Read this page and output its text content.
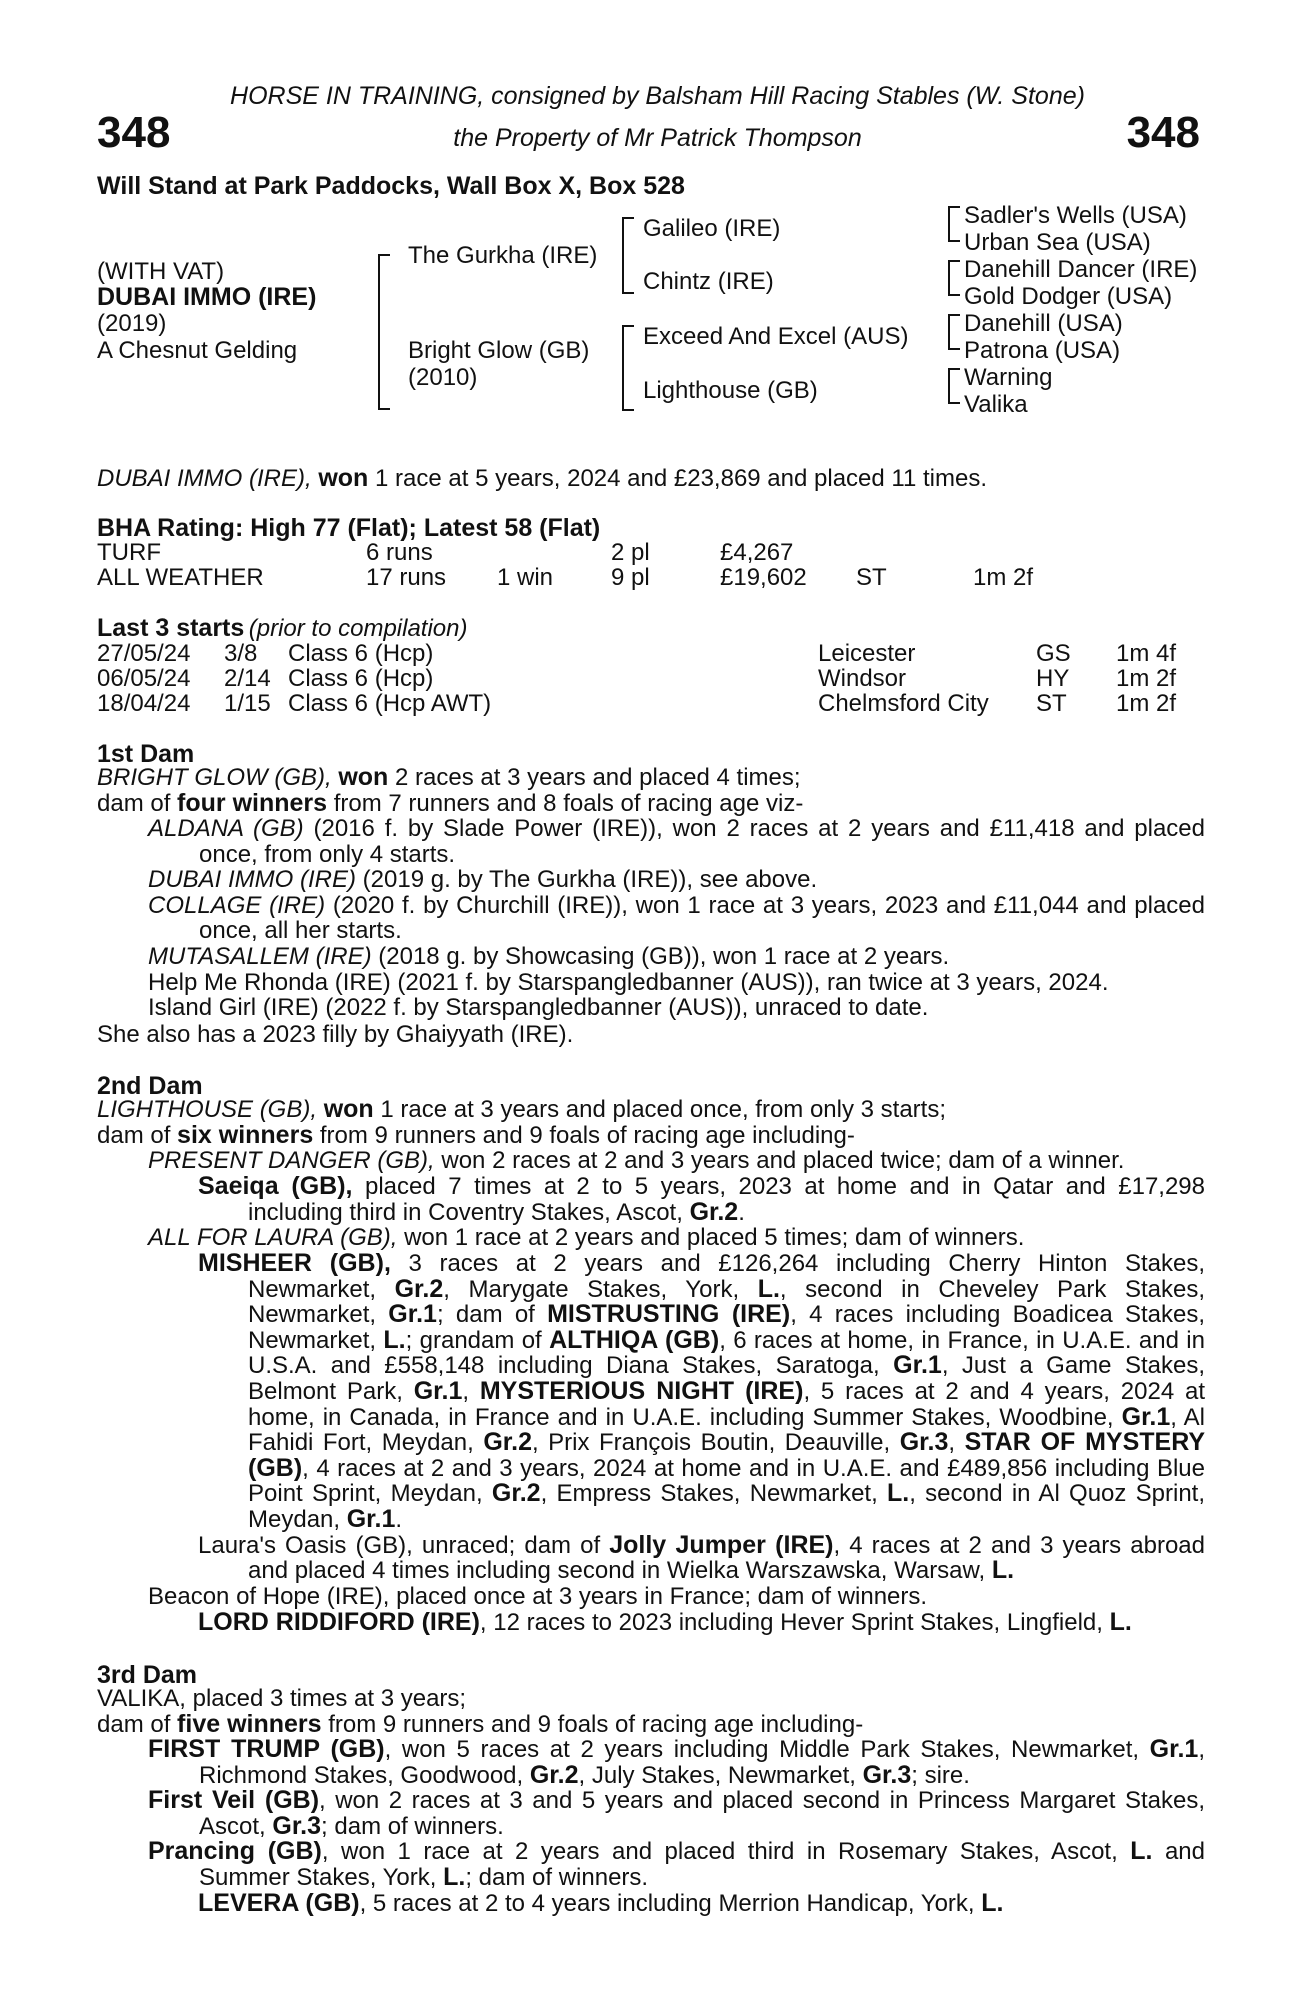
HORSE IN TRAINING, consigned by Balsham Hill Racing Stables (W. Stone)
the Property of Mr Patrick Thompson
348	348
Will Stand at Park Paddocks, Wall Box X, Box 528
(WITH VAT)
DUBAI IMMO (IRE)
(2019)
A Chesnut Gelding
The Gurkha (IRE)
Bright Glow (GB)
(2010)
Galileo (IRE)
Chintz (IRE)
Exceed And Excel (AUS)
Lighthouse (GB)
Sadler's Wells (USA)
Urban Sea (USA)
Danehill Dancer (IRE)
Gold Dodger (USA)
Danehill (USA)
Patrona (USA)
Warning
Valika
DUBAI IMMO (IRE), won 1 race at 5 years, 2024 and £23,869 and placed 11 times.
BHA Rating: High 77 (Flat); Latest 58 (Flat)
TURF	6 runs	2 pl	£4,267
ALL WEATHER	17 runs 1 win 9 pl	£19,602 ST	1m 2f
Last 3 starts (prior to compilation)
27/05/24 3/8 Class 6 (Hcp)	Leicester	GS 1m 4f
06/05/24 2/14 Class 6 (Hcp)	Windsor	HY 1m 2f
18/04/24 1/15 Class 6 (Hcp AWT)	Chelmsford City ST 1m 2f
1st Dam
BRIGHT GLOW (GB), won 2 races at 3 years and placed 4 times;
dam of four winners from 7 runners and 8 foals of racing age viz-
ALDANA (GB) (2016 f. by Slade Power (IRE)), won 2 races at 2 years and £11,418 and placed once, from only 4 starts.
DUBAI IMMO (IRE) (2019 g. by The Gurkha (IRE)), see above.
COLLAGE (IRE) (2020 f. by Churchill (IRE)), won 1 race at 3 years, 2023 and £11,044 and placed once, all her starts.
MUTASALLEM (IRE) (2018 g. by Showcasing (GB)), won 1 race at 2 years.
Help Me Rhonda (IRE) (2021 f. by Starspangledbanner (AUS)), ran twice at 3 years, 2024.
Island Girl (IRE) (2022 f. by Starspangledbanner (AUS)), unraced to date.
She also has a 2023 filly by Ghaiyyath (IRE).
2nd Dam
LIGHTHOUSE (GB), won 1 race at 3 years and placed once, from only 3 starts;
dam of six winners from 9 runners and 9 foals of racing age including-
PRESENT DANGER (GB), won 2 races at 2 and 3 years and placed twice; dam of a winner.
Saeiqa (GB), placed 7 times at 2 to 5 years, 2023 at home and in Qatar and £17,298 including third in Coventry Stakes, Ascot, Gr.2.
ALL FOR LAURA (GB), won 1 race at 2 years and placed 5 times; dam of winners.
MISHEER (GB), 3 races at 2 years and £126,264 including Cherry Hinton Stakes, Newmarket, Gr.2, Marygate Stakes, York, L., second in Cheveley Park Stakes, Newmarket, Gr.1; dam of MISTRUSTING (IRE), 4 races including Boadicea Stakes, Newmarket, L.; grandam of ALTHIQA (GB), 6 races at home, in France, in U.A.E. and in U.S.A. and £558,148 including Diana Stakes, Saratoga, Gr.1, Just a Game Stakes, Belmont Park, Gr.1, MYSTERIOUS NIGHT (IRE), 5 races at 2 and 4 years, 2024 at home, in Canada, in France and in U.A.E. including Summer Stakes, Woodbine, Gr.1, Al Fahidi Fort, Meydan, Gr.2, Prix François Boutin, Deauville, Gr.3, STAR OF MYSTERY (GB), 4 races at 2 and 3 years, 2024 at home and in U.A.E. and £489,856 including Blue Point Sprint, Meydan, Gr.2, Empress Stakes, Newmarket, L., second in Al Quoz Sprint, Meydan, Gr.1.
Laura's Oasis (GB), unraced; dam of Jolly Jumper (IRE), 4 races at 2 and 3 years abroad and placed 4 times including second in Wielka Warszawska, Warsaw, L.
Beacon of Hope (IRE), placed once at 3 years in France; dam of winners.
LORD RIDDIFORD (IRE), 12 races to 2023 including Hever Sprint Stakes, Lingfield, L.
3rd Dam
VALIKA, placed 3 times at 3 years;
dam of five winners from 9 runners and 9 foals of racing age including-
FIRST TRUMP (GB), won 5 races at 2 years including Middle Park Stakes, Newmarket, Gr.1, Richmond Stakes, Goodwood, Gr.2, July Stakes, Newmarket, Gr.3; sire.
First Veil (GB), won 2 races at 3 and 5 years and placed second in Princess Margaret Stakes, Ascot, Gr.3; dam of winners.
Prancing (GB), won 1 race at 2 years and placed third in Rosemary Stakes, Ascot, L. and Summer Stakes, York, L.; dam of winners.
LEVERA (GB), 5 races at 2 to 4 years including Merrion Handicap, York, L.
